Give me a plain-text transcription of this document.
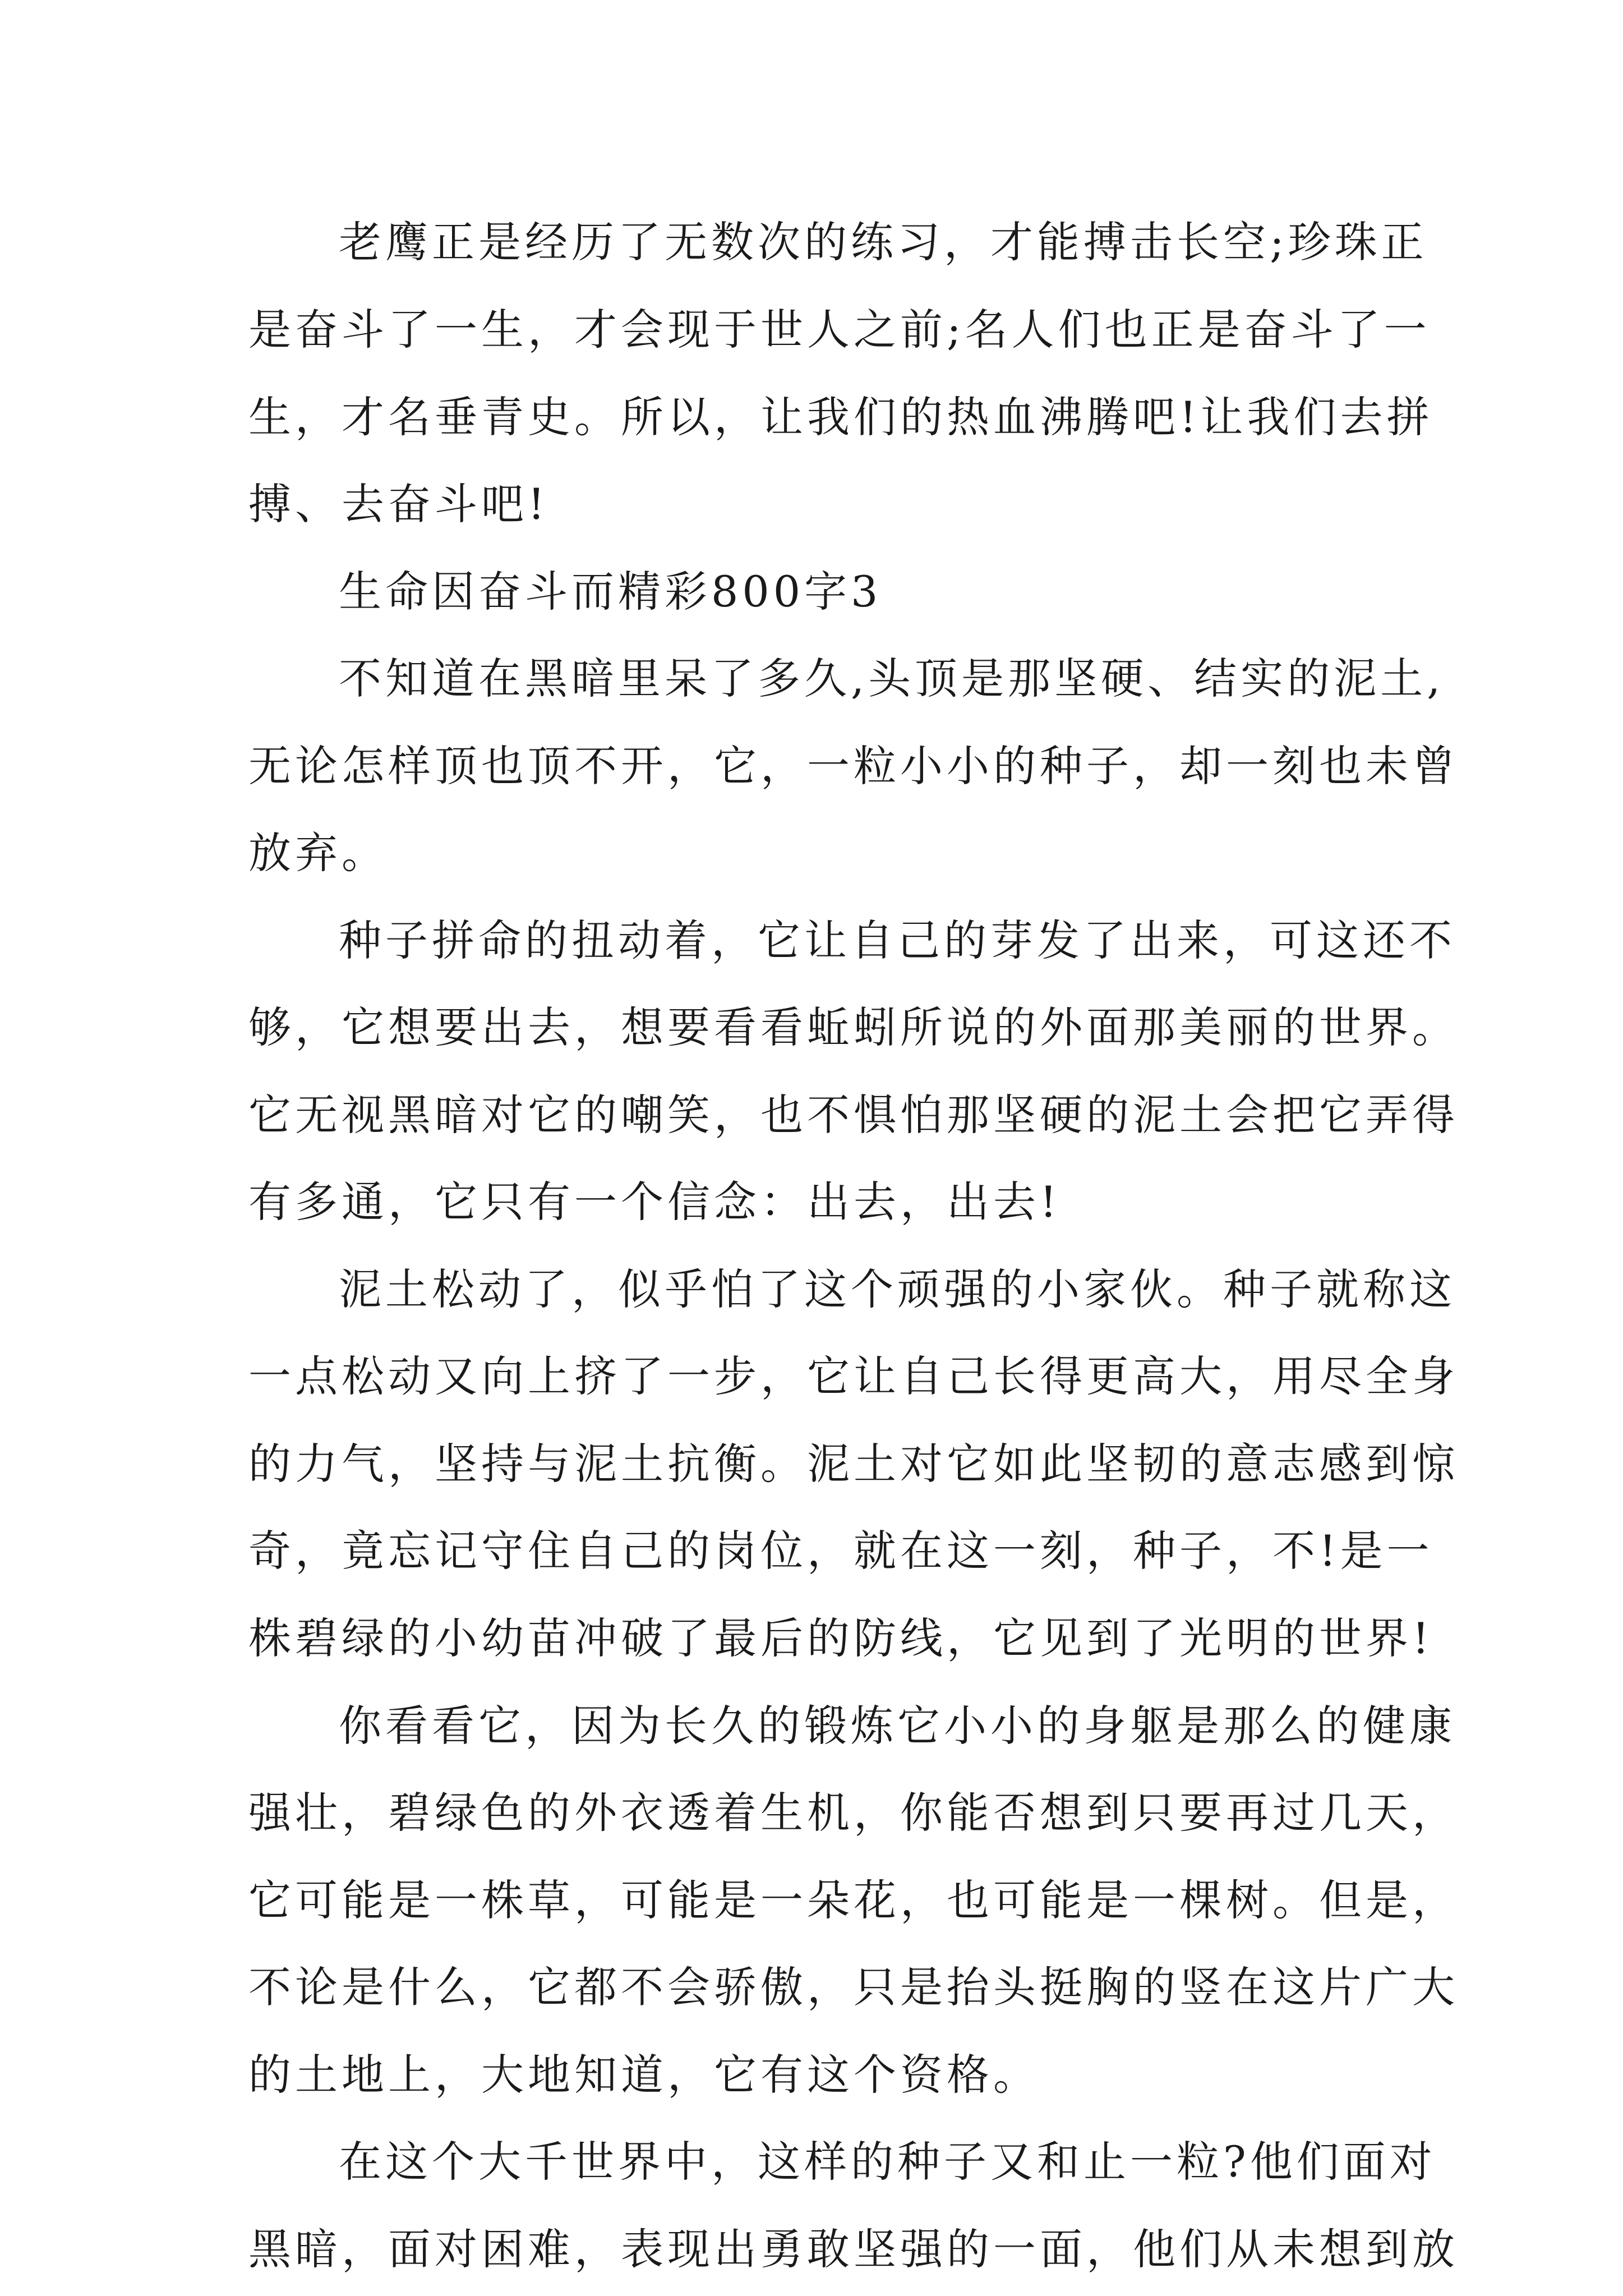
老鹰正是经历了无数次的练习，才能搏击长空;珍珠正
是奋斗了一生，才会现于世人之前;名人们也正是奋斗了一
生，才名垂青史。所以，让我们的热血沸腾吧!让我们去拼
搏、去奋斗吧!
生命因奋斗而精彩800字3
不知道在黑暗里呆了多久,头顶是那坚硬、结实的泥土,
无论怎样顶也顶不开，它，一粒小小的种子，却一刻也未曾
放弃。
种子拼命的扭动着，它让自己的芽发了出来，可这还不
够，它想要出去，想要看看蚯蚓所说的外面那美丽的世界。
它无视黑暗对它的嘲笑，也不惧怕那坚硬的泥土会把它弄得
有多通，它只有一个信念：出去，出去!
泥土松动了，似乎怕了这个顽强的小家伙。种子就称这
一点松动又向上挤了一步，它让自己长得更高大，用尽全身
的力气，坚持与泥土抗衡。泥土对它如此坚韧的意志感到惊
奇，竟忘记守住自己的岗位，就在这一刻，种子，不!是一
株碧绿的小幼苗冲破了最后的防线，它见到了光明的世界!
你看看它，因为长久的锻炼它小小的身躯是那么的健康
强壮，碧绿色的外衣透着生机，你能否想到只要再过几天，
它可能是一株草，可能是一朵花，也可能是一棵树。但是，
不论是什么，它都不会骄傲，只是抬头挺胸的竖在这片广大
的土地上，大地知道，它有这个资格。
在这个大千世界中，这样的种子又和止一粒?他们面对
黑暗，面对困难，表现出勇敢坚强的一面，他们从未想到放
